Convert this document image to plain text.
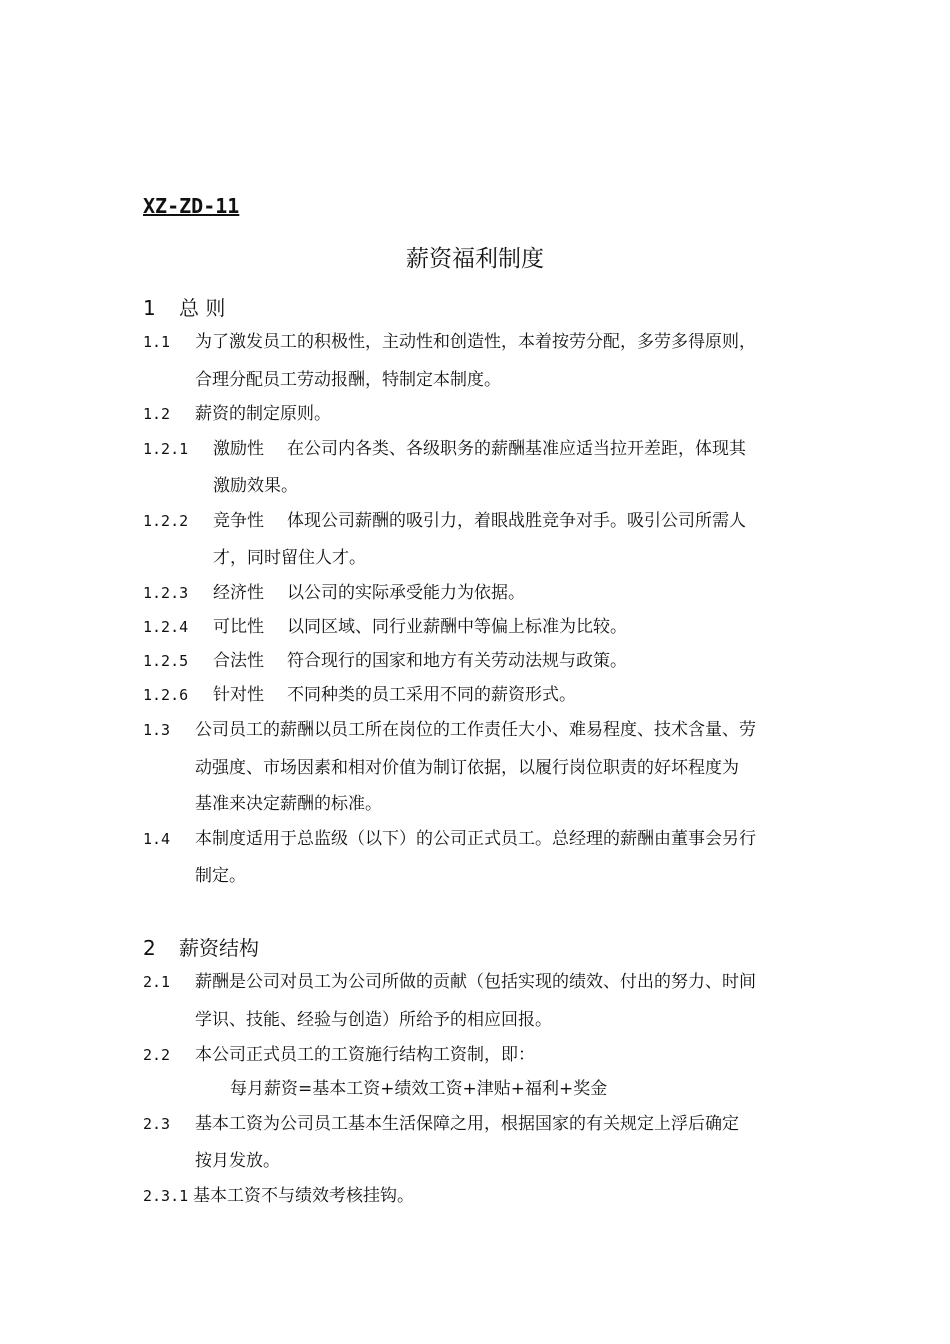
XZ-ZD-11
薪资福利制度
1 总 则
1.1 为了激发员工的积极性，主动性和创造性，本着按劳分配，多劳多得原则，
合理分配员工劳动报酬，特制定本制度。
1.2 薪资的制定原则。
1.2.1 激励性 在公司内各类、各级职务的薪酬基准应适当拉开差距，体现其
激励效果。
1.2.2 竞争性 体现公司薪酬的吸引力，着眼战胜竞争对手。吸引公司所需人
才，同时留住人才。
1.2.3 经济性 以公司的实际承受能力为依据。
1.2.4 可比性 以同区域、同行业薪酬中等偏上标准为比较。
1.2.5 合法性 符合现行的国家和地方有关劳动法规与政策。
1.2.6 针对性 不同种类的员工采用不同的薪资形式。
1.3 公司员工的薪酬以员工所在岗位的工作责任大小、难易程度、技术含量、劳
动强度、市场因素和相对价值为制订依据，以履行岗位职责的好坏程度为
基准来决定薪酬的标准。
1.4 本制度适用于总监级（以下）的公司正式员工。总经理的薪酬由董事会另行
制定。
2 薪资结构
2.1 薪酬是公司对员工为公司所做的贡献（包括实现的绩效、付出的努力、时间
学识、技能、经验与创造）所给予的相应回报。
2.2 本公司正式员工的工资施行结构工资制，即：
每月薪资=基本工资+绩效工资+津贴+福利+奖金
2.3 基本工资为公司员工基本生活保障之用，根据国家的有关规定上浮后确定
按月发放。
2.3.1 基本工资不与绩效考核挂钩。
